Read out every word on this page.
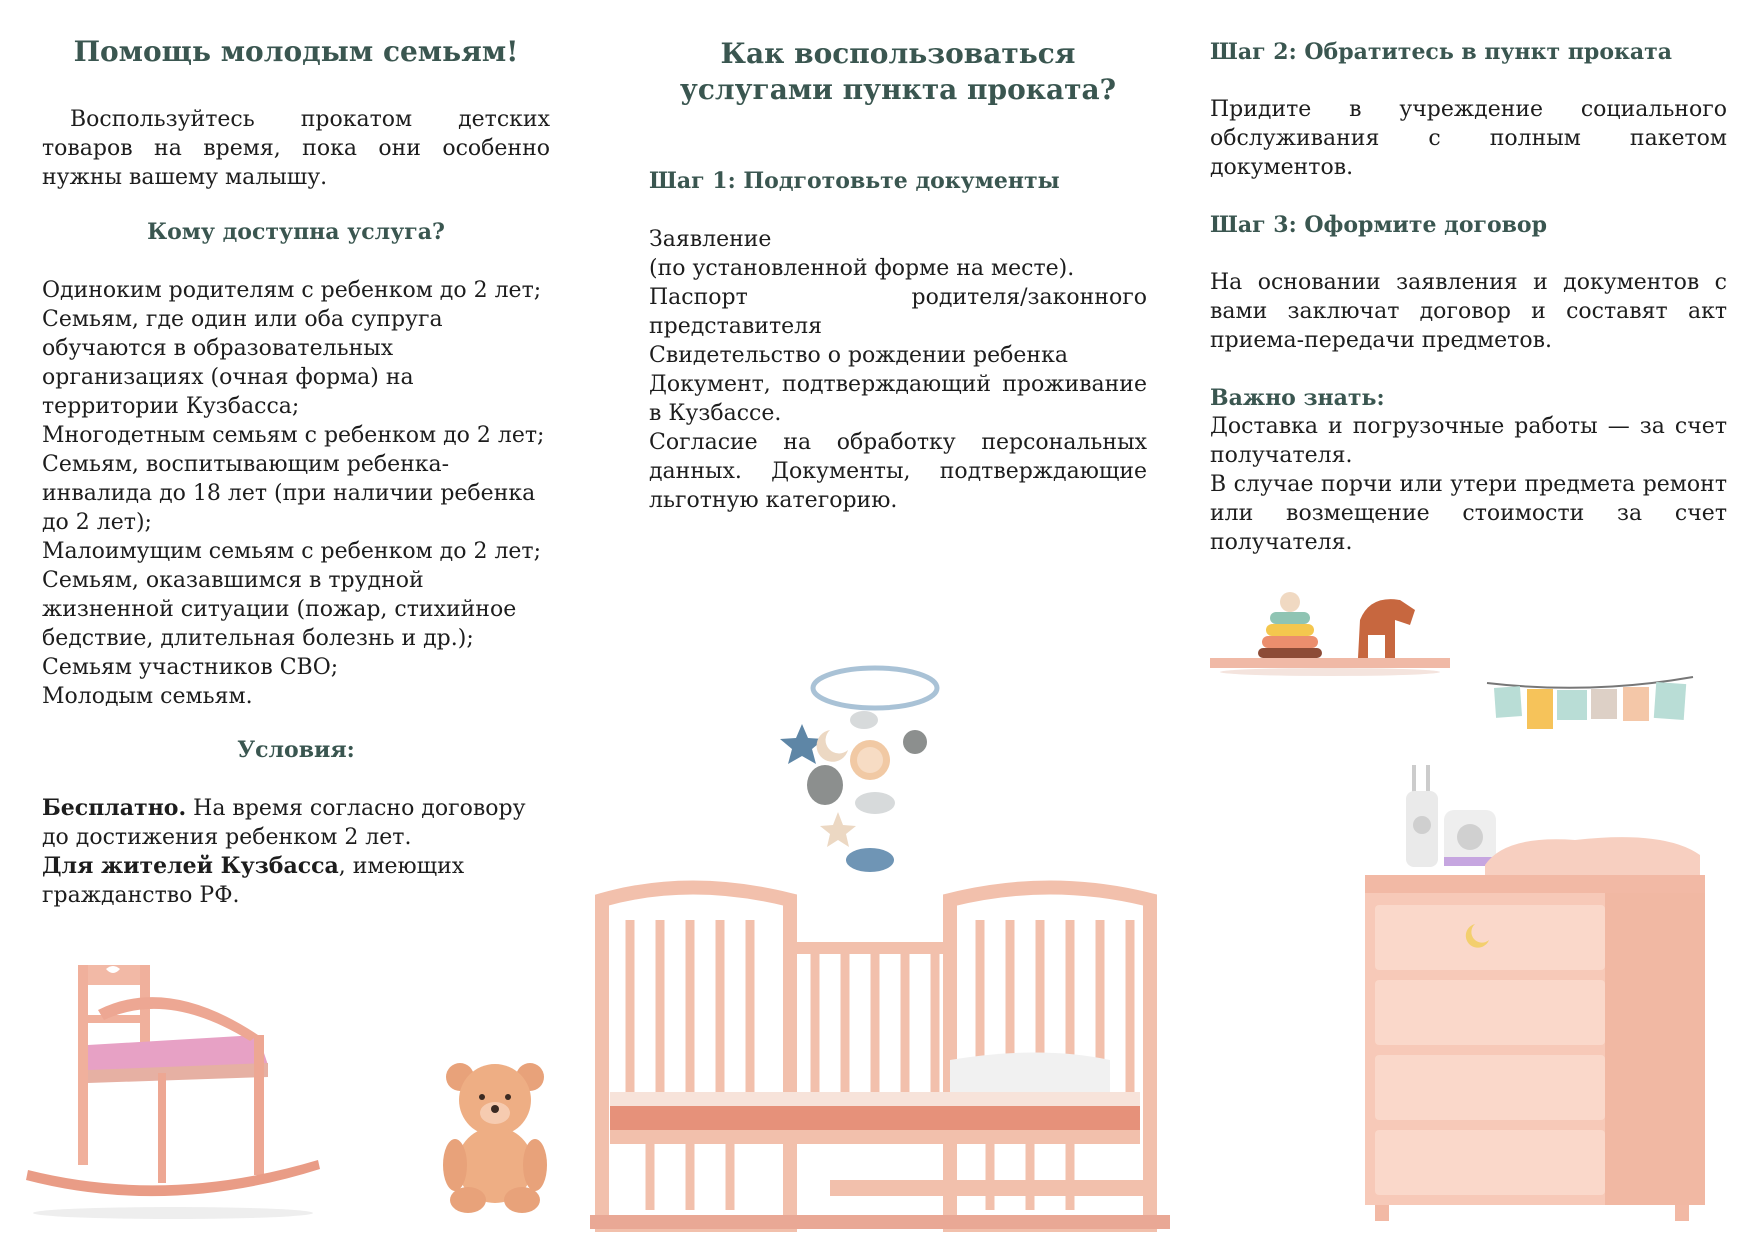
Помощь молодым семьям!

Воспользуйтесь прокатом детских товаров на время, пока они особенно нужны вашему малышу.

Кому доступна услуга?
Одиноким родителям с ребенком до 2 лет;
Семьям, где один или оба супруга обучаются в образовательных организациях (очная форма) на территории Кузбасса;
Многодетным семьям с ребенком до 2 лет;
Семьям, воспитывающим ребенка-инвалида до 18 лет (при наличии ребенка до 2 лет);
Малоимущим семьям с ребенком до 2 лет;
Семьям, оказавшимся в трудной жизненной ситуации (пожар, стихийное бедствие, длительная болезнь и др.);
Семьям участников СВО;
Молодым семьям.
Условия:

Бесплатно. На время согласно договору до достижения ребенком 2 лет.

Для жителей Кузбасса, имеющих гражданство РФ.

Как воспользоваться услугами пункта проката?
Шаг 1: Подготовьте документы
Заявление
(по установленной форме на месте).
Паспорт родителя/законного представителя
Свидетельство о рождении ребенка
Документ, подтверждающий проживание в Кузбассе.
Согласие на обработку персональных данных. Документы, подтверждающие льготную категорию.
Шаг 2: Обратитесь в пункт проката

Придите в учреждение социального обслуживания с полным пакетом документов.

Шаг 3: Оформите договор

На основании заявления и документов с вами заключат договор и составят акт приема-передачи предметов.

Важно знать:
Доставка и погрузочные работы — за счет получателя.
В случае порчи или утери предмета ремонт или возмещение стоимости за счет получателя.
